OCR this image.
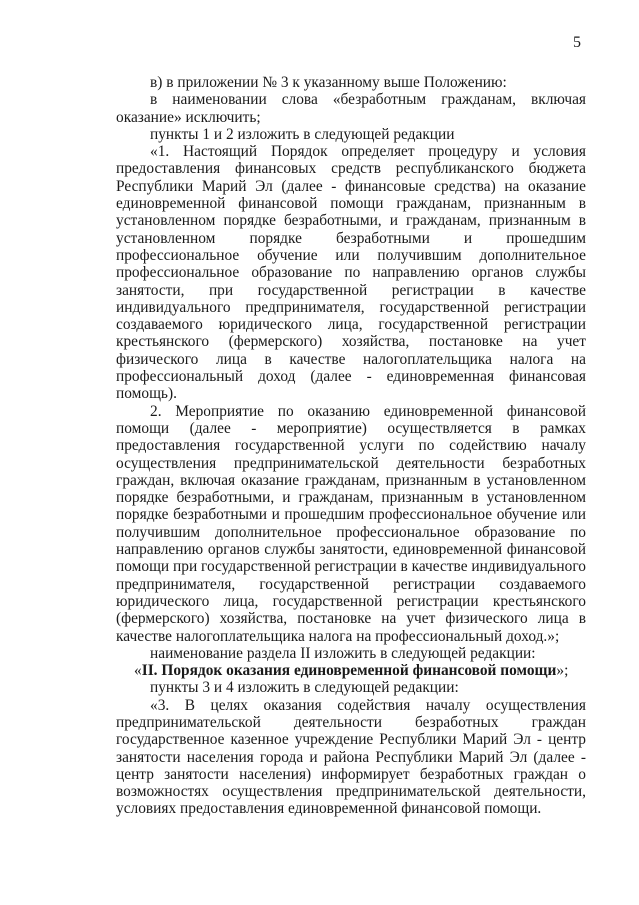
5

в) в приложении № 3 к указанному выше Положению:

в наименовании слова «безработным гражданам, включая оказание» исключить;

пункты 1 и 2 изложить в следующей редакции

«1. Настоящий Порядок определяет процедуру и условия предоставления финансовых средств республиканского бюджета Республики Марий Эл (далее - финансовые средства) на оказание единовременной финансовой помощи гражданам, признанным в установленном порядке безработными, и гражданам, признанным в установленном порядке безработными и прошедшим профессиональное обучение или получившим дополнительное профессиональное образование по направлению органов службы занятости, при государственной регистрации в качестве индивидуального предпринимателя, государственной регистрации создаваемого юридического лица, государственной регистрации крестьянского (фермерского) хозяйства, постановке на учет физического лица в качестве налогоплательщика налога на профессиональный доход (далее - единовременная финансовая помощь).

2. Мероприятие по оказанию единовременной финансовой помощи (далее - мероприятие) осуществляется в рамках предоставления государственной услуги по содействию началу осуществления предпринимательской деятельности безработных граждан, включая оказание гражданам, признанным в установленном порядке безработными, и гражданам, признанным в установленном порядке безработными и прошедшим профессиональное обучение или получившим дополнительное профессиональное образование по направлению органов службы занятости, единовременной финансовой помощи при государственной регистрации в качестве индивидуального предпринимателя, государственной регистрации создаваемого юридического лица, государственной регистрации крестьянского (фермерского) хозяйства, постановке на учет физического лица в качестве налогоплательщика налога на профессиональный доход.»;

наименование раздела II изложить в следующей редакции:

«II. Порядок оказания единовременной финансовой помощи»;

пункты 3 и 4 изложить в следующей редакции:

«3. В целях оказания содействия началу осуществления предпринимательской деятельности безработных граждан государственное казенное учреждение Республики Марий Эл - центр занятости населения города и района Республики Марий Эл (далее - центр занятости населения) информирует безработных граждан о возможностях осуществления предпринимательской деятельности, условиях предоставления единовременной финансовой помощи.
